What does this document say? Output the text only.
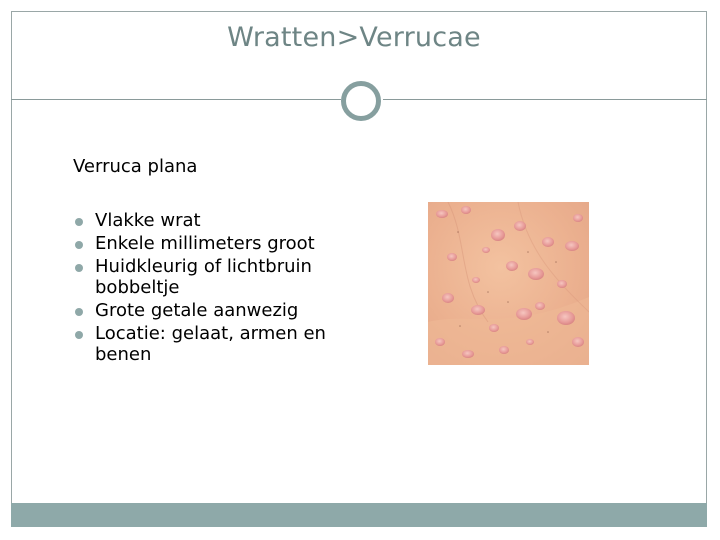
Wratten>Verrucae
Verruca plana
Vlakke wrat
Enkele millimeters groot
Huidkleurig of lichtbruin bobbeltje
Grote getale aanwezig
Locatie: gelaat, armen en benen
